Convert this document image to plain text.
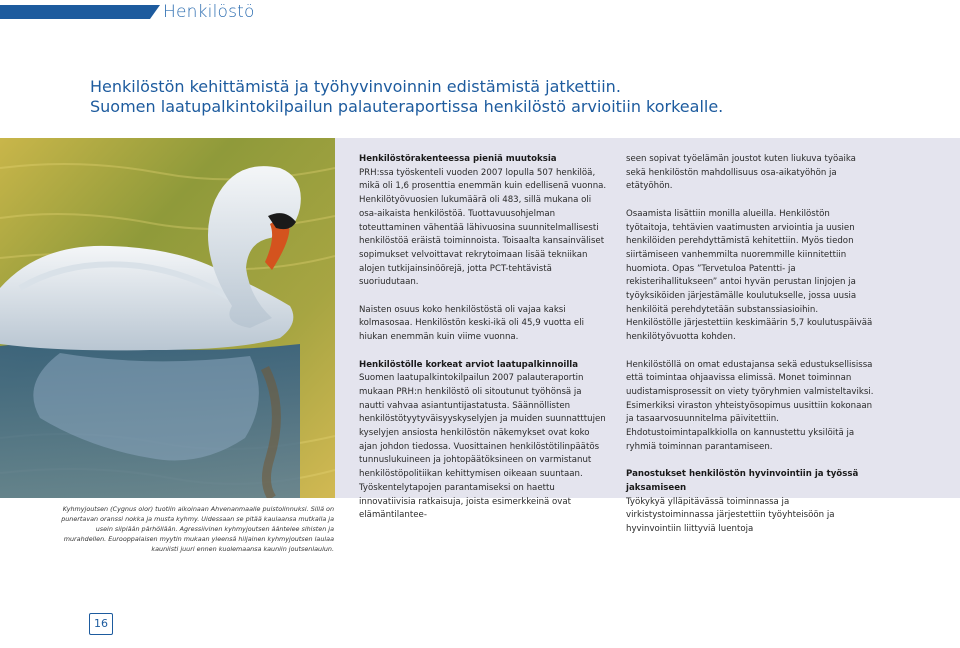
Henkilöstö
Henkilöstön kehittämistä ja työhyvinvoinnin edistämistä jatkettiin.
Suomen laatupalkintokilpailun palauteraportissa henkilöstö arvioitiin korkealle.
Henkilöstörakenteessa pieniä muutoksia

PRH:ssa työskenteli vuoden 2007 lopulla 507 henkilöä, mikä oli 1,6 prosenttia enemmän kuin edellisenä vuonna. Henkilötyövuosien lukumäärä oli 483, sillä mukana oli osa-aikaista henkilöstöä. Tuottavuusohjelman toteuttaminen vähentää lähivuosina suunnitelmallisesti henkilöstöä eräistä toiminnoista. Toisaalta kansainväliset sopimukset velvoittavat rekrytoimaan lisää tekniikan alojen tutkijainsinöörejä, jotta PCT-tehtävistä suoriudutaan.

Naisten osuus koko henkilöstöstä oli vajaa kaksi kolmasosaa. Henkilöstön keski-ikä oli 45,9 vuotta eli hiukan enemmän kuin viime vuonna.

Henkilöstölle korkeat arviot laatupalkinnoilla

Suomen laatupalkintokilpailun 2007 palauteraportin mukaan PRH:n henkilöstö oli sitoutunut työhönsä ja nautti vahvaa asiantuntijastatusta. Säännöllisten henkilöstötyytyväisyyskyselyjen ja muiden suunnatttujen kyselyjen ansiosta henkilöstön näkemykset ovat koko ajan johdon tiedossa. Vuosittainen henkilöstötilinpäätös tunnuslukuineen ja johtopäätöksineen on varmistanut henkilöstöpolitiikan kehittymisen oikeaan suuntaan. Työskentelytapojen parantamiseksi on haettu innovatiivisia ratkaisuja, joista esimerkkeinä ovat elämäntilantee-

seen sopivat työelämän joustot kuten liukuva työaika sekä henkilöstön mahdollisuus osa-aikatyöhön ja etätyöhön.

Osaamista lisättiin monilla alueilla. Henkilöstön työtaitoja, tehtävien vaatimusten arviointia ja uusien henkilöiden perehdyttämistä kehitettiin. Myös tiedon siirtämiseen vanhemmilta nuoremmille kiinnitettiin huomiota. Opas ”Tervetuloa Patentti- ja rekisterihallitukseen” antoi hyvän perustan linjojen ja työyksiköiden järjestämälle koulutukselle, jossa uusia henkilöitä perehdytetään substanssiasioihin. Henkilöstölle järjestettiin keskimäärin 5,7 koulutuspäivää henkilötyövuotta kohden.

Henkilöstöllä on omat edustajansa sekä edustuksellisissa että toimintaa ohjaavissa elimissä. Monet toiminnan uudistamisprosessit on viety työryhmien valmisteltaviksi. Esimerkiksi viraston yhteistyösopimus uusittiin kokonaan ja tasaarvosuunnitelma päivitettiin. Ehdotustoimintapalkkiolla on kannustettu yksilöitä ja ryhmiä toiminnan parantamiseen.

Panostukset henkilöstön hyvinvointiin ja työssä jaksamiseen

Työkykyä ylläpitävässä toiminnassa ja virkistystoiminnassa järjestettiin työyhteisöön ja hyvinvointiin liittyviä luentoja

Kyhmyjoutsen (Cygnus olor) tuotiin aikoinaan Ahvenanmaalle puistolinnuksi. Sillä on punertavan oranssi nokka ja musta kyhmy. Uidessaan se pitää kaulaansa mutkalla ja usein siipiään pärhöllään. Agressiivinen kyhmyjoutsen ääntelee sihisten ja murahdellen. Eurooppalaisen myytin mukaan yleensä hiljainen kyhmyjoutsen laulaa kauniisti juuri ennen kuolemaansa kauniin joutsenlaulun.
16
